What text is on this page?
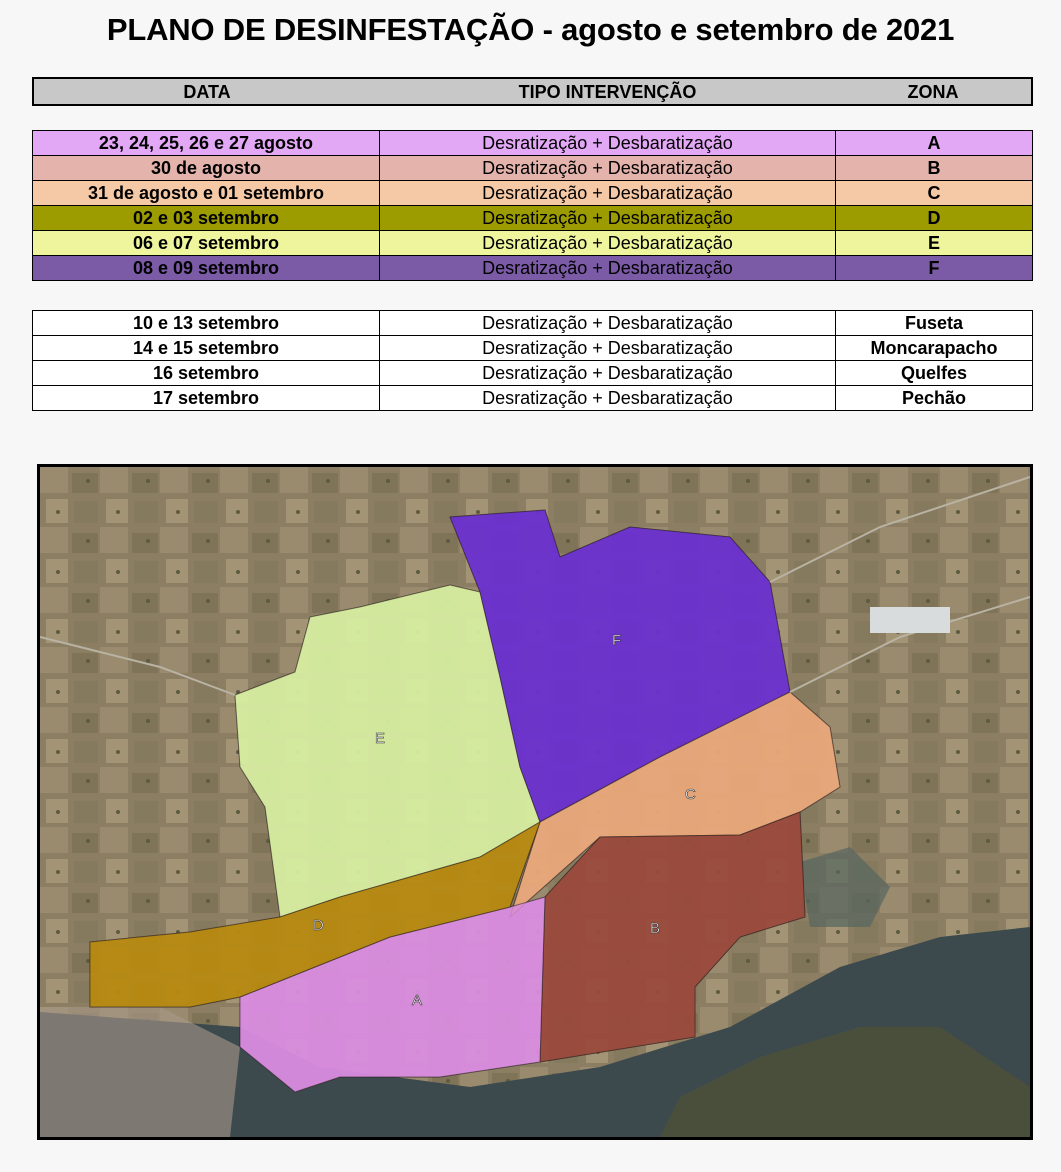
PLANO DE DESINFESTAÇÃO - agosto e setembro de 2021
DATA	TIPO INTERVENÇÃO	ZONA
23, 24, 25, 26 e 27 agosto	Desratização + Desbaratização	A
30 de agosto	Desratização + Desbaratização	B
31 de agosto e 01 setembro	Desratização + Desbaratização	C
02 e 03 setembro	Desratização + Desbaratização	D
06 e 07 setembro	Desratização + Desbaratização	E
08 e 09 setembro	Desratização + Desbaratização	F
10 e 13 setembro	Desratização + Desbaratização	Fuseta
14 e 15 setembro	Desratização + Desbaratização	Moncarapacho
16 setembro	Desratização + Desbaratização	Quelfes
17 setembro	Desratização + Desbaratização	Pechão
E
F
C
B
A
D
